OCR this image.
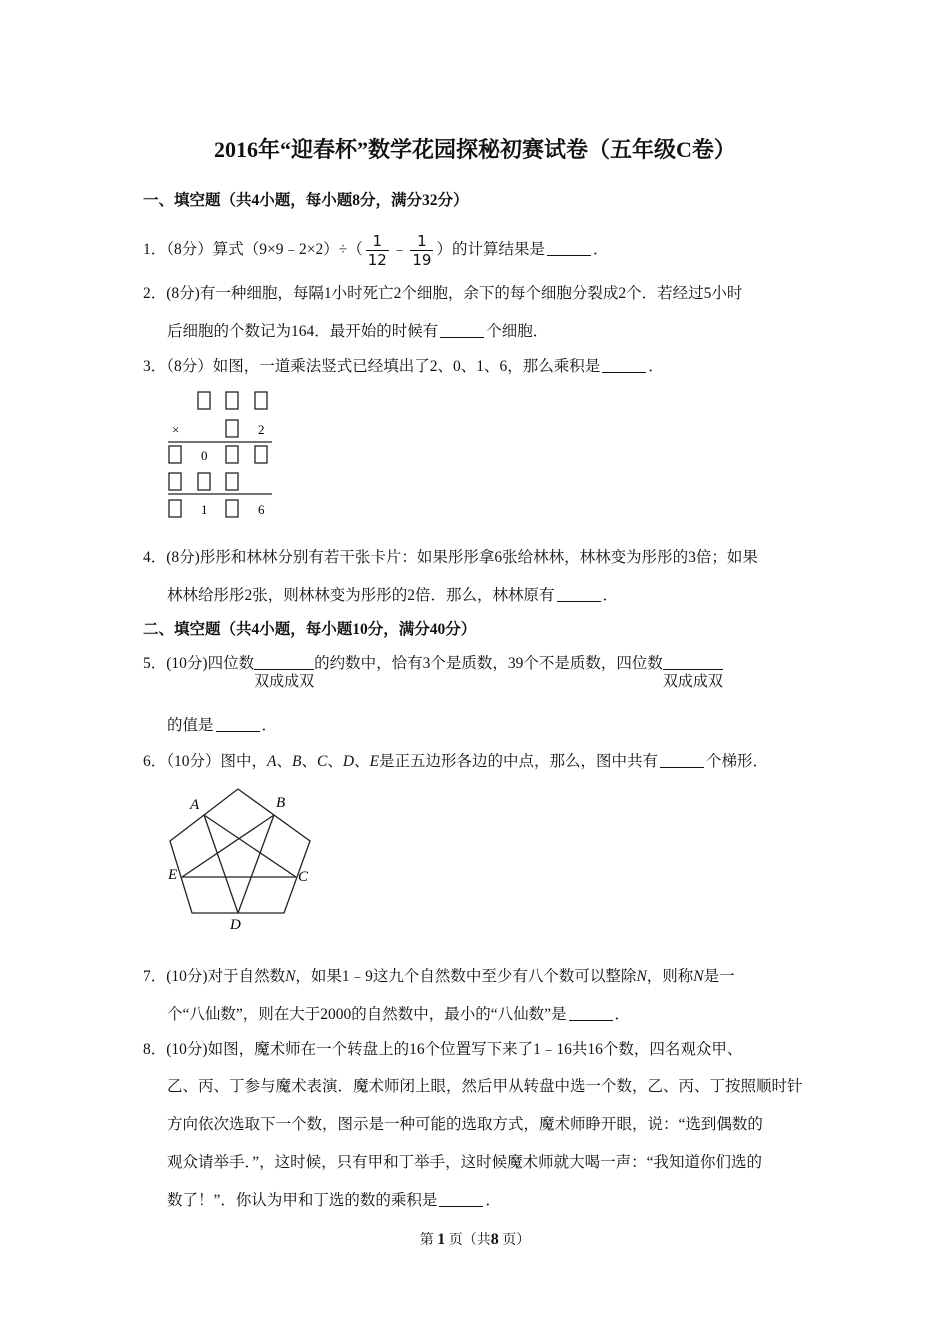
2016年“迎春杯”数学花园探秘初赛试卷（五年级C卷）
一、填空题（共4小题，每小题8分，满分32分）
1．（8分）算式（9×9﹣2×2）÷（ $\frac{1}{12}$ ﹣ $\frac{1}{19}$ ）的计算结果是	．
2．(8分)有一种细胞，每隔1小时死亡2个细胞，余下的每个细胞分裂成2个．若经过5小时
后细胞的个数记为164．最开始的时候有	个细胞．
3．（8分）如图，一道乘法竖式已经填出了2、0、1、6，那么乘积是	．
×	2
0
1	6
4．(8分)彤彤和林林分别有若干张卡片：如果彤彤拿6张给林林，林林变为彤彤的3倍；如果
林林给彤彤2张，则林林变为彤彤的2倍．那么，林林原有	．
二、填空题（共4小题，每小题10分，满分40分）
5．(10分)四位数双成成双的约数中，恰有3个是质数，39个不是质数，四位数双成成双
的值是	．
6．（10分）图中，A、B、C、D、E是正五边形各边的中点，那么，图中共有	个梯形．
A	B
C
D
E
7．(10分)对于自然数N，如果1﹣9这九个自然数中至少有八个数可以整除N，则称N是一
个“八仙数”，则在大于2000的自然数中，最小的“八仙数”是	．
8．(10分)如图，魔术师在一个转盘上的16个位置写下来了1﹣16共16个数，四名观众甲、
乙、丙、丁参与魔术表演．魔术师闭上眼，然后甲从转盘中选一个数，乙、丙、丁按照顺时针
方向依次选取下一个数，图示是一种可能的选取方式，魔术师睁开眼，说：“选到偶数的
观众请举手．”，这时候，只有甲和丁举手，这时候魔术师就大喝一声：“我知道你们选的
数了！”．你认为甲和丁选的数的乘积是	．
第 1 页（共8 页）
